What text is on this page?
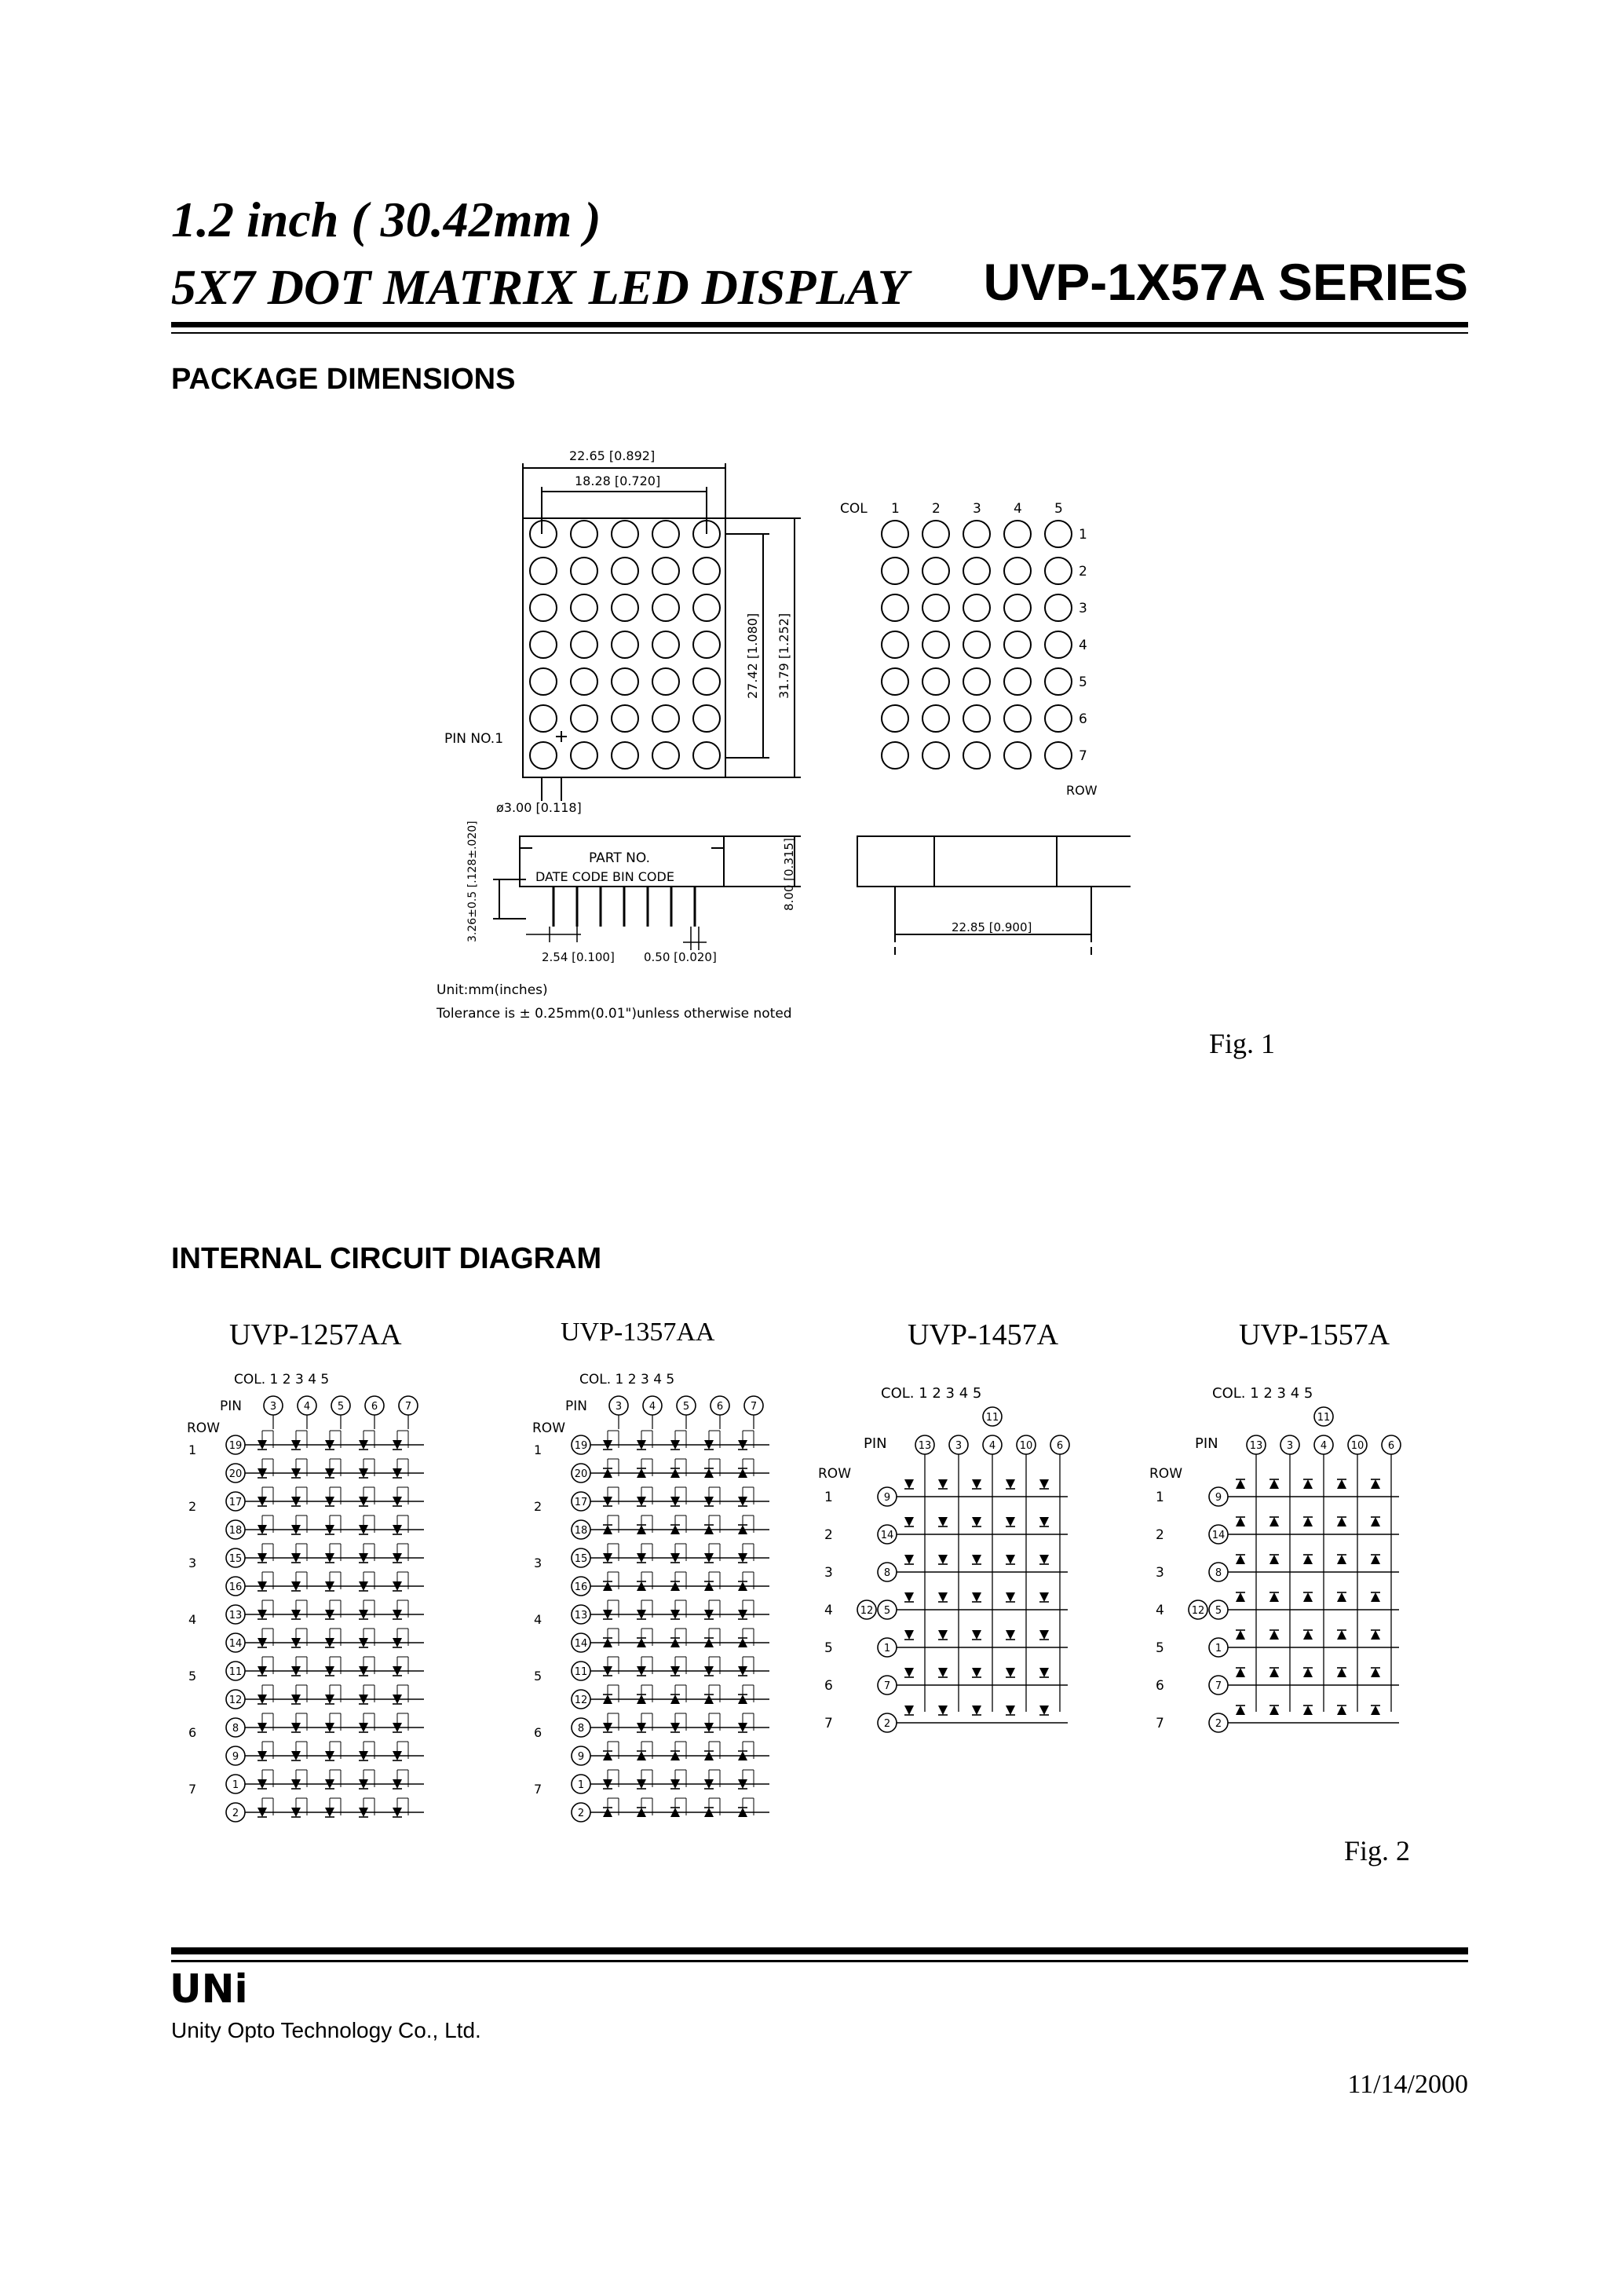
1.2 inch ( 30.42mm )
5X7 DOT MATRIX LED DISPLAY UVP-1X57A SERIES
PACKAGE DIMENSIONS
22.65 [0.892]
18.28 [0.720]
27.42 [1.080] 31.79 [1.252]
PIN NO.1
ø3.00 [0.118]
COL
ROW
1 2 3 4 5
1
2
3
4
5
6
7
PART NO.
DATE CODE BIN CODE	8.00 [0.315]
3.26±0.5 [.128±.020]
2.54 [0.100] 0.50 [0.020]
22.85 [0.900]
Unit:mm(inches)
Tolerance is ± 0.25mm(0.01")unless otherwise noted
Fig. 1
INTERNAL CIRCUIT DIAGRAM
UVP-1257AA	UVP-1357AA	UVP-1457A	UVP-1557A
COL. 1 2 3 4 5
PIN
ROW
3	4	5	6	7
19
20
17
18
15
16
13
14
11
12
8
9
1
2
1
2
3
4
5
6
7
COL. 1 2 3 4 5
PIN
ROW
3	4	5	6	7
19
20
17
18
15
16
13
14
11
12
8
9
1
2
1
2
3
4
5
6
7
COL. 1 2 3 4 5
11
PIN
ROW
13 3	4 10 6
9
1
14
2
8
3
5
4
1
5
7
6
2
7
12
COL. 1 2 3 4 5
11
PIN
ROW
13 3	4 10 6
9
1
14
2
8
3
5
4
1
5
7
6
2
7
12
Fig. 2
UNi
Unity Opto Technology Co., Ltd.
11/14/2000
